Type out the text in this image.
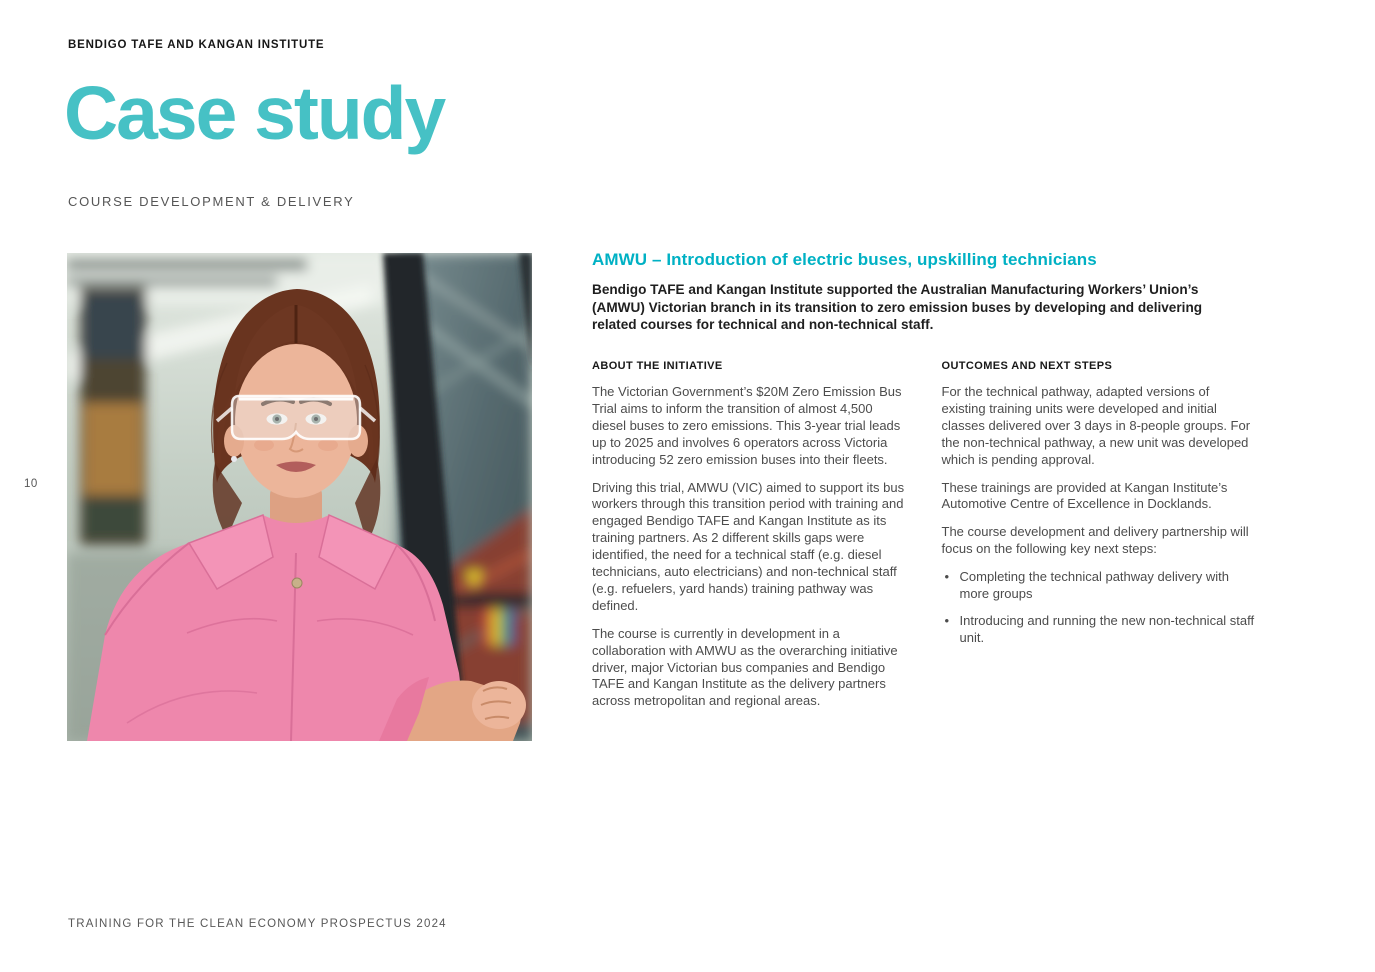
BENDIGO TAFE AND KANGAN INSTITUTE
Case study
COURSE DEVELOPMENT & DELIVERY
10
AMWU – Introduction of electric buses, upskilling technicians

Bendigo TAFE and Kangan Institute supported the Australian Manufacturing Workers’ Union’s (AMWU) Victorian branch in its transition to zero emission buses by developing and delivering related courses for technical and non-technical staff.

ABOUT THE INITIATIVE

The Victorian Government’s $20M Zero Emission Bus Trial aims to inform the transition of almost 4,500 diesel buses to zero emissions. This 3-year trial leads up to 2025 and involves 6 operators across Victoria introducing 52 zero emission buses into their fleets.

Driving this trial, AMWU (VIC) aimed to support its bus workers through this transition period with training and engaged Bendigo TAFE and Kangan Institute as its training partners. As 2 different skills gaps were identified, the need for a technical staff (e.g. diesel technicians, auto electricians) and non-technical staff (e.g. refuelers, yard hands) training pathway was defined.

The course is currently in development in a collaboration with AMWU as the overarching initiative driver, major Victorian bus companies and Bendigo TAFE and Kangan Institute as the delivery partners across metropolitan and regional areas.

OUTCOMES AND NEXT STEPS

For the technical pathway, adapted versions of existing training units were developed and initial classes delivered over 3 days in 8-people groups. For the non-technical pathway, a new unit was developed which is pending approval.

These trainings are provided at Kangan Institute’s Automotive Centre of Excellence in Docklands.

The course development and delivery partnership will focus on the following key next steps:

• Completing the technical pathway delivery with more groups
• Introducing and running the new non-technical staff unit.
TRAINING FOR THE CLEAN ECONOMY PROSPECTUS 2024
